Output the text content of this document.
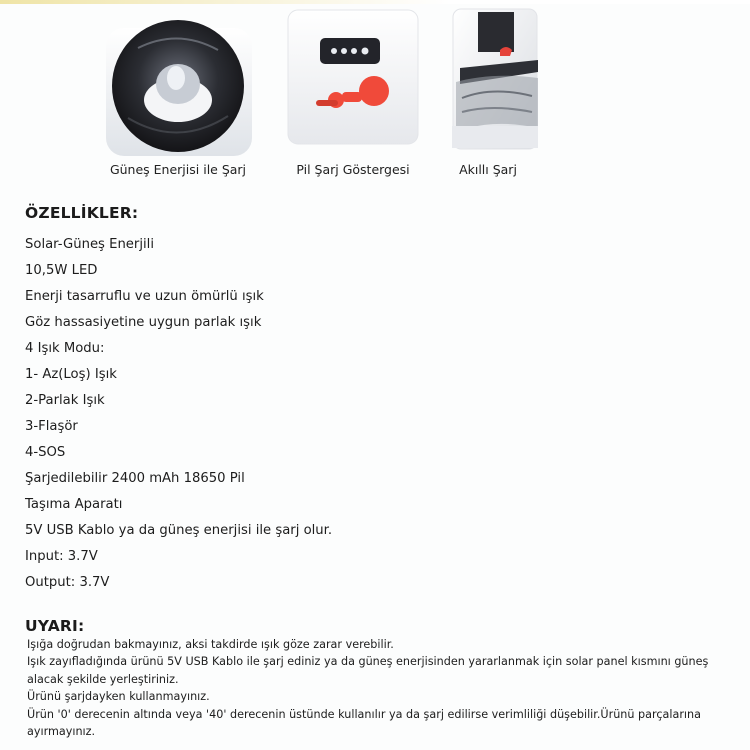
Güneş Enerjisi ile Şarj	Pil Şarj Göstergesi	Akıllı Şarj
ÖZELLİKLER:
Solar-Güneş Enerjili
10,5W LED
Enerji tasarruflu ve uzun ömürlü ışık
Göz hassasiyetine uygun parlak ışık
4 Işık Modu:
1- Az(Loş) Işık
2-Parlak Işık
3-Flaşör
4-SOS
Şarjedilebilir 2400 mAh 18650 Pil
Taşıma Aparatı
5V USB Kablo ya da güneş enerjisi ile şarj olur.
Input: 3.7V
Output: 3.7V
UYARI:
Işığa doğrudan bakmayınız, aksi takdirde ışık göze zarar verebilir.
Işık zayıfladığında ürünü 5V USB Kablo ile şarj ediniz ya da güneş enerjisinden yararlanmak için solar panel kısmını güneş alacak şekilde yerleştiriniz.
Ürünü şarjdayken kullanmayınız.
Ürün '0' derecenin altında veya '40' derecenin üstünde kullanılır ya da şarj edilirse verimliliği düşebilir.Ürünü parçalarına ayırmayınız.
